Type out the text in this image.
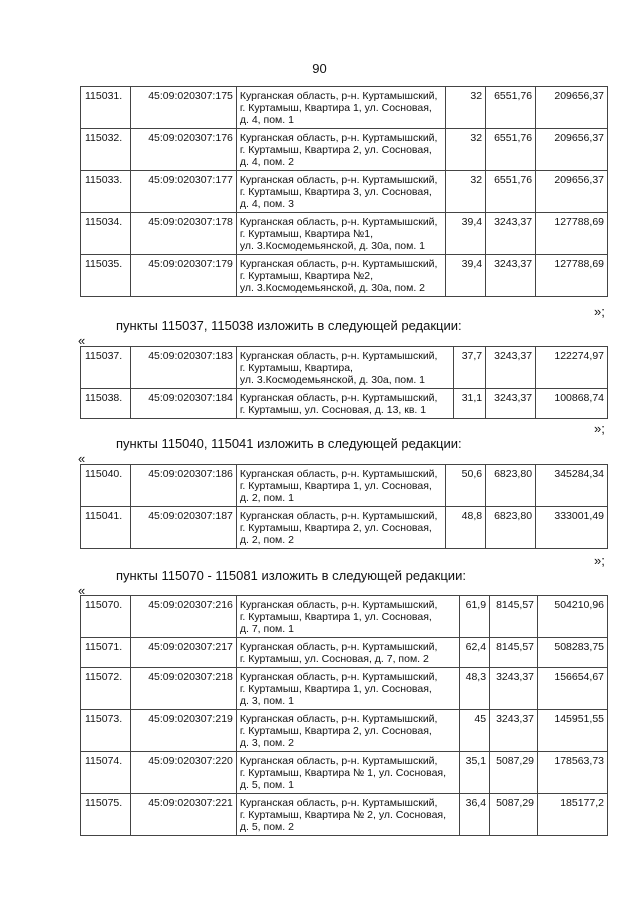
90
115031.	45:09:020307:175	Курганская область, р-н. Куртамышский,
г. Куртамыш, Квартира 1, ул. Сосновая,
д. 4, пом. 1	32	6551,76	209656,37
115032.	45:09:020307:176	Курганская область, р-н. Куртамышский,
г. Куртамыш, Квартира 2, ул. Сосновая,
д. 4, пом. 2	32	6551,76	209656,37
115033.	45:09:020307:177	Курганская область, р-н. Куртамышский,
г. Куртамыш, Квартира 3, ул. Сосновая,
д. 4, пом. 3	32	6551,76	209656,37
115034.	45:09:020307:178	Курганская область, р-н. Куртамышский,
г. Куртамыш, Квартира №1,
ул. 3.Космодемьянской, д. 30а, пом. 1	39,4	3243,37	127788,69
115035.	45:09:020307:179	Курганская область, р-н. Куртамышский,
г. Куртамыш, Квартира №2,
ул. 3.Космодемьянской, д. 30а, пом. 2	39,4	3243,37	127788,69
»;
пункты 115037, 115038 изложить в следующей редакции:
«
115037.	45:09:020307:183	Курганская область, р-н. Куртамышский,
г. Куртамыш, Квартира,
ул. 3.Космодемьянской, д. 30а, пом. 1	37,7	3243,37	122274,97
115038.	45:09:020307:184	Курганская область, р-н. Куртамышский,
г. Куртамыш, ул. Сосновая, д. 13, кв. 1	31,1	3243,37	100868,74
»;
пункты 115040, 115041 изложить в следующей редакции:
«
115040.	45:09:020307:186	Курганская область, р-н. Куртамышский,
г. Куртамыш, Квартира 1, ул. Сосновая,
д. 2, пом. 1	50,6	6823,80	345284,34
115041.	45:09:020307:187	Курганская область, р-н. Куртамышский,
г. Куртамыш, Квартира 2, ул. Сосновая,
д. 2, пом. 2	48,8	6823,80	333001,49
»;
пункты 115070 - 115081 изложить в следующей редакции:
«
115070.	45:09:020307:216	Курганская область, р-н. Куртамышский,
г. Куртамыш, Квартира 1, ул. Сосновая,
д. 7, пом. 1	61,9	8145,57	504210,96
115071.	45:09:020307:217	Курганская область, р-н. Куртамышский,
г. Куртамыш, ул. Сосновая, д. 7, пом. 2	62,4	8145,57	508283,75
115072.	45:09:020307:218	Курганская область, р-н. Куртамышский,
г. Куртамыш, Квартира 1, ул. Сосновая,
д. 3, пом. 1	48,3	3243,37	156654,67
115073.	45:09:020307:219	Курганская область, р-н. Куртамышский,
г. Куртамыш, Квартира 2, ул. Сосновая,
д. 3, пом. 2	45	3243,37	145951,55
115074.	45:09:020307:220	Курганская область, р-н. Куртамышский,
г. Куртамыш, Квартира № 1, ул. Сосновая,
д. 5, пом. 1	35,1	5087,29	178563,73
115075.	45:09:020307:221	Курганская область, р-н. Куртамышский,
г. Куртамыш, Квартира № 2, ул. Сосновая,
д. 5, пом. 2	36,4	5087,29	185177,2
